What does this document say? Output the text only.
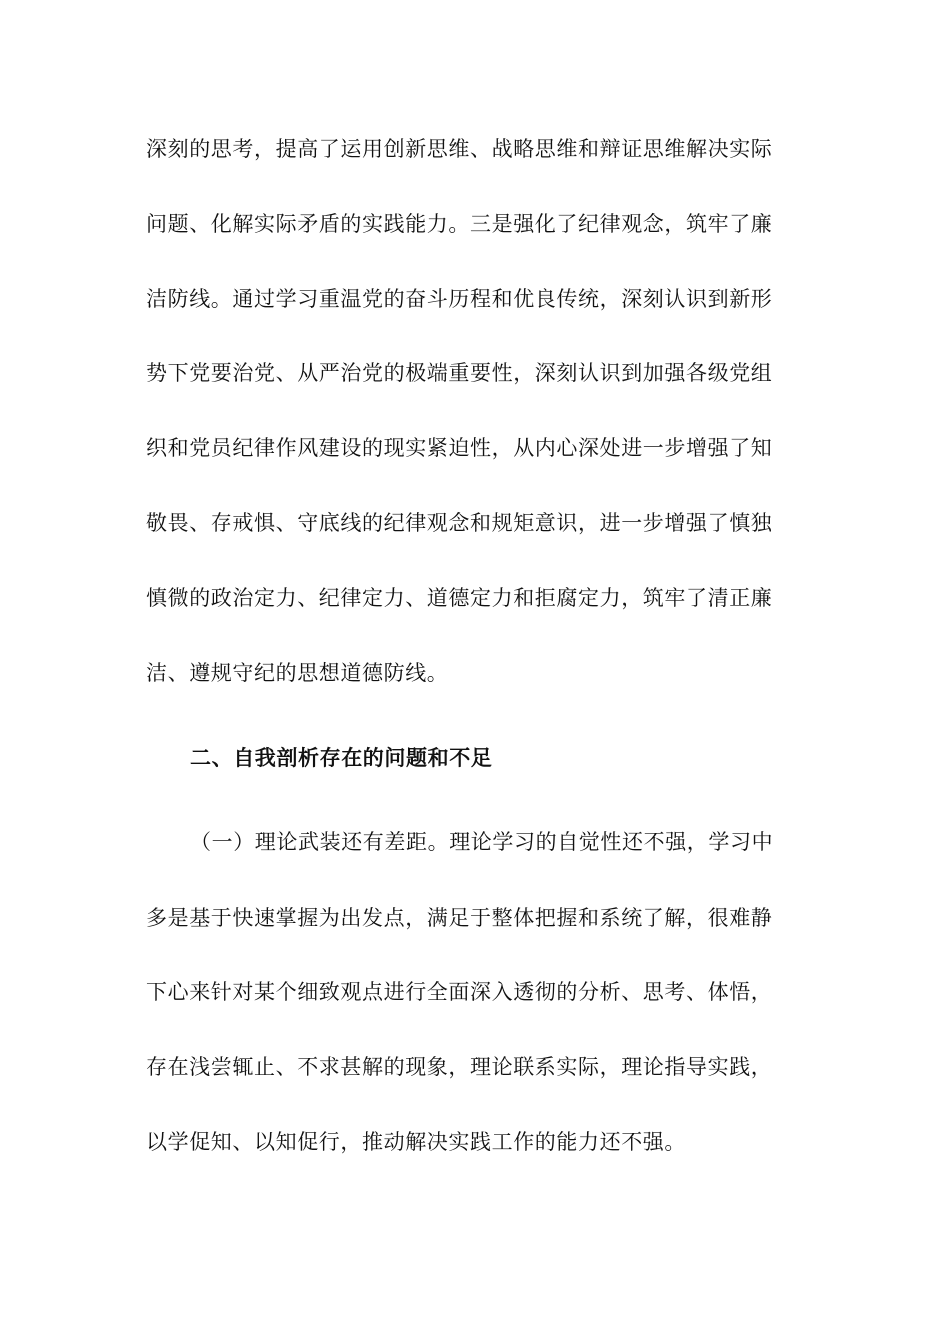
深刻的思考，提高了运用创新思维、战略思维和辩证思维解决实际
问题、化解实际矛盾的实践能力。三是强化了纪律观念，筑牢了廉
洁防线。通过学习重温党的奋斗历程和优良传统，深刻认识到新形
势下党要治党、从严治党的极端重要性，深刻认识到加强各级党组
织和党员纪律作风建设的现实紧迫性，从内心深处进一步增强了知
敬畏、存戒惧、守底线的纪律观念和规矩意识，进一步增强了慎独
慎微的政治定力、纪律定力、道德定力和拒腐定力，筑牢了清正廉
洁、遵规守纪的思想道德防线。
二、自我剖析存在的问题和不足
（一）理论武装还有差距。理论学习的自觉性还不强，学习中
多是基于快速掌握为出发点，满足于整体把握和系统了解，很难静
下心来针对某个细致观点进行全面深入透彻的分析、思考、体悟，
存在浅尝辄止、不求甚解的现象，理论联系实际，理论指导实践，
以学促知、以知促行，推动解决实践工作的能力还不强。
